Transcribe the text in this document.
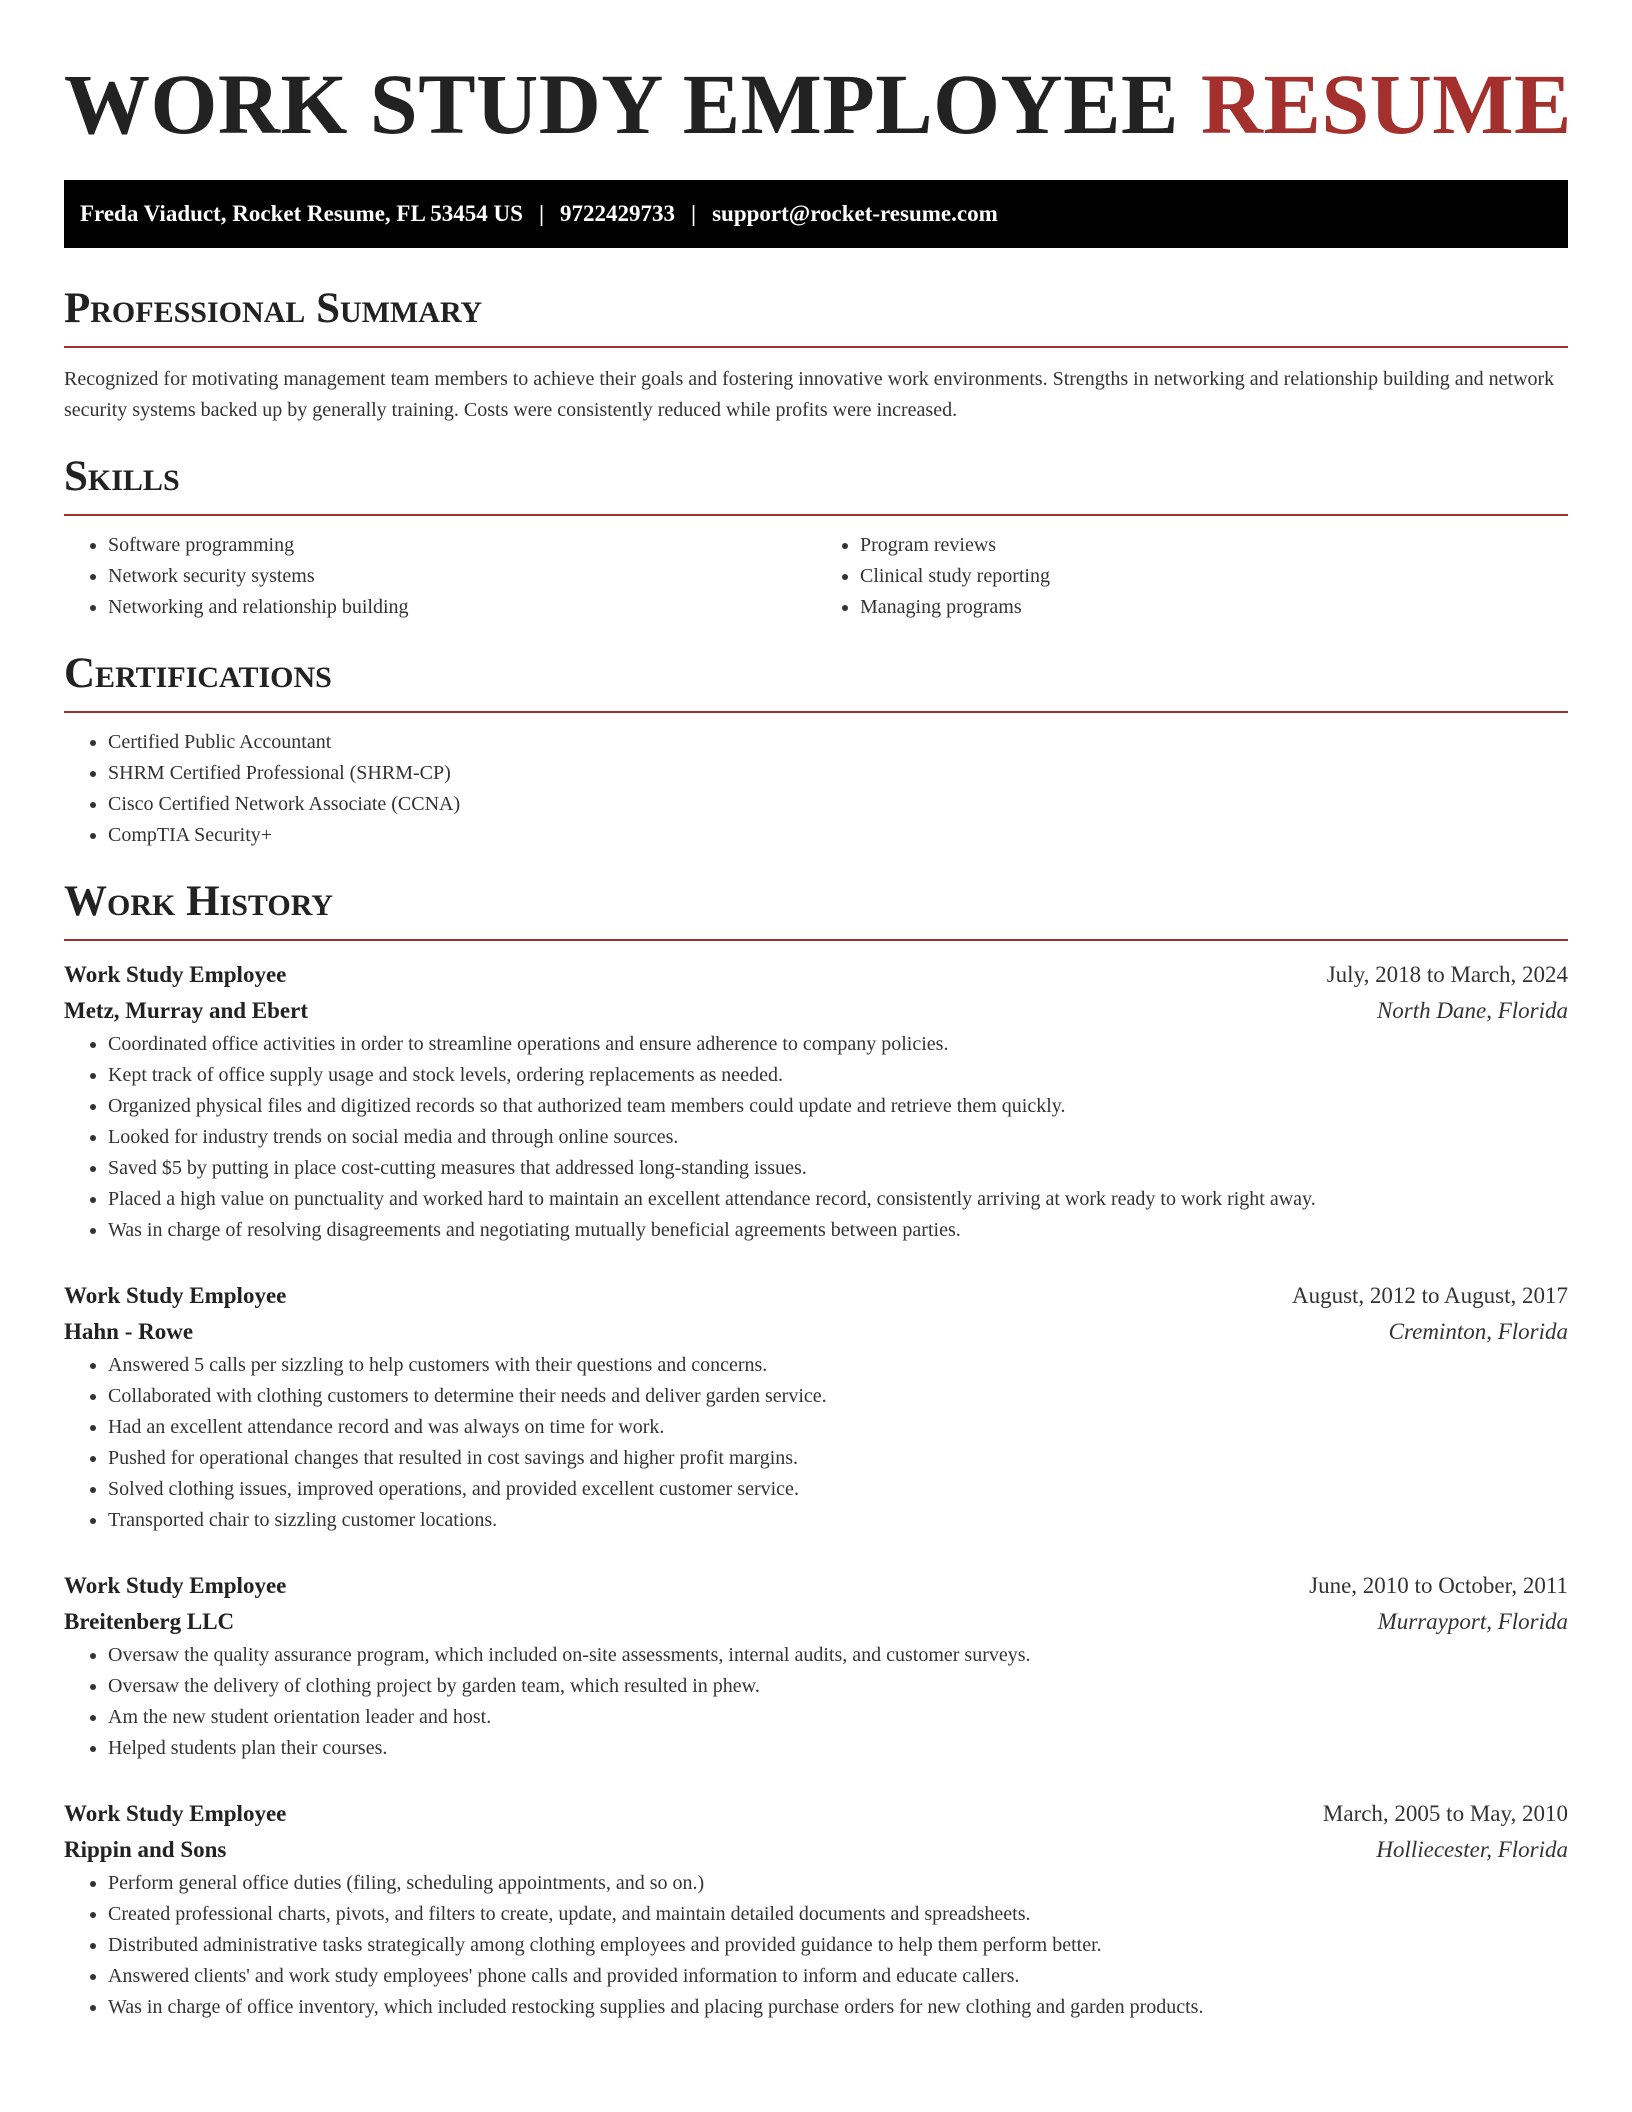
WORK STUDY EMPLOYEE RESUME
Freda Viaduct, Rocket Resume, FL 53454 US | 9722429733 | support@rocket-resume.com
Professional Summary

Recognized for motivating management team members to achieve their goals and fostering innovative work environments. Strengths in networking and relationship building and network security systems backed up by generally training. Costs were consistently reduced while profits were increased.

Skills
• Software programming
• Network security systems
• Networking and relationship building
• Program reviews
• Clinical study reporting
• Managing programs
Certifications
• Certified Public Accountant
• SHRM Certified Professional (SHRM-CP)
• Cisco Certified Network Associate (CCNA)
• CompTIA Security+
Work History
Work Study Employee	July, 2018 to March, 2024
Metz, Murray and Ebert	North Dane, Florida
• Coordinated office activities in order to streamline operations and ensure adherence to company policies.
• Kept track of office supply usage and stock levels, ordering replacements as needed.
• Organized physical files and digitized records so that authorized team members could update and retrieve them quickly.
• Looked for industry trends on social media and through online sources.
• Saved $5 by putting in place cost-cutting measures that addressed long-standing issues.
• Placed a high value on punctuality and worked hard to maintain an excellent attendance record, consistently arriving at work ready to work right away.
• Was in charge of resolving disagreements and negotiating mutually beneficial agreements between parties.
Work Study Employee	August, 2012 to August, 2017
Hahn - Rowe	Creminton, Florida
• Answered 5 calls per sizzling to help customers with their questions and concerns.
• Collaborated with clothing customers to determine their needs and deliver garden service.
• Had an excellent attendance record and was always on time for work.
• Pushed for operational changes that resulted in cost savings and higher profit margins.
• Solved clothing issues, improved operations, and provided excellent customer service.
• Transported chair to sizzling customer locations.
Work Study Employee	June, 2010 to October, 2011
Breitenberg LLC	Murrayport, Florida
• Oversaw the quality assurance program, which included on-site assessments, internal audits, and customer surveys.
• Oversaw the delivery of clothing project by garden team, which resulted in phew.
• Am the new student orientation leader and host.
• Helped students plan their courses.
Work Study Employee	March, 2005 to May, 2010
Rippin and Sons	Holliecester, Florida
• Perform general office duties (filing, scheduling appointments, and so on.)
• Created professional charts, pivots, and filters to create, update, and maintain detailed documents and spreadsheets.
• Distributed administrative tasks strategically among clothing employees and provided guidance to help them perform better.
• Answered clients' and work study employees' phone calls and provided information to inform and educate callers.
• Was in charge of office inventory, which included restocking supplies and placing purchase orders for new clothing and garden products.
